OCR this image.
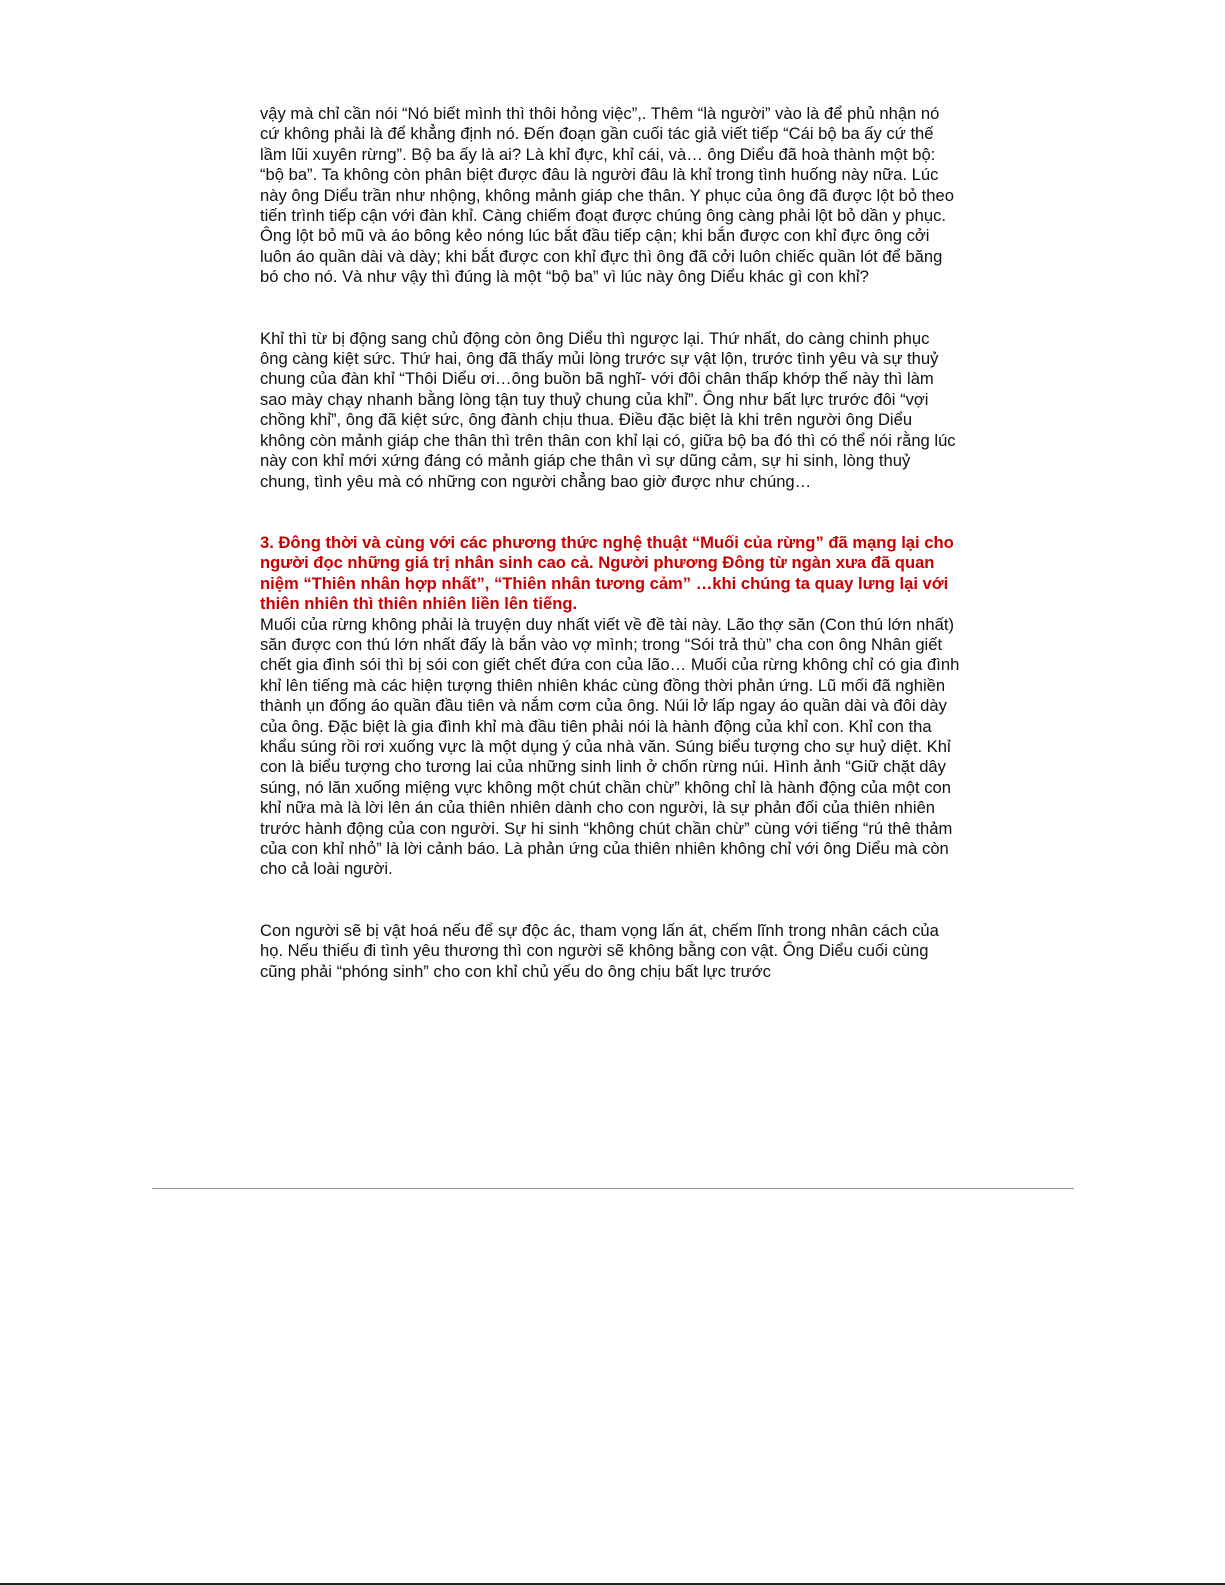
vậy mà chỉ cần nói “Nó biết mình thì thôi hỏng việc”,. Thêm “là người” vào là để phủ nhận nó cứ không phải là để khẳng định nó. Đến đoạn gần cuối tác giả viết tiếp “Cái bộ ba ấy cứ thế lầm lũi xuyên rừng”. Bộ ba ấy là ai? Là khỉ đực, khỉ cái, và… ông Diểu đã hoà thành một bộ: “bộ ba”. Ta không còn phân biệt được đâu là người đâu là khỉ trong tình huống này nữa. Lúc này ông Diểu trần như nhộng, không mảnh giáp che thân. Y phục của ông đã được lột bỏ theo tiến trình tiếp cận với đàn khỉ. Càng chiếm đoạt được chúng ông càng phải lột bỏ dần y phục. Ông lột bỏ mũ và áo bông kẻo nóng lúc bắt đầu tiếp cận; khi bắn được con khỉ đực ông cởi luôn áo quần dài và dày; khi bắt được con khỉ đực thì ông đã cởi luôn chiếc quần lót để băng bó cho nó. Và như vậy thì đúng là một “bộ ba” vì lúc này ông Diểu khác gì con khỉ?

Khỉ thì từ bị động sang chủ động còn ông Diểu thì ngược lại. Thứ nhất, do càng chinh phục ông càng kiệt sức. Thứ hai, ông đã thấy mủi lòng trước sự vật lộn, trước tình yêu và sự thuỷ chung của đàn khỉ “Thôi Diểu ơi…ông buồn bã nghĩ- với đôi chân thấp khớp thế này thì làm sao mày chạy nhanh bằng lòng tận tuy thuỷ chung của khỉ”. Ông như bất lực trước đôi “vợi chồng khỉ”, ông đã kiệt sức, ông đành chịu thua. Điều đặc biệt là khi trên người ông Diểu không còn mảnh giáp che thân thì trên thân con khỉ lại có, giữa bộ ba đó thì có thể nói rằng lúc này con khỉ mới xứng đáng có mảnh giáp che thân vì sự dũng cảm, sự hi sinh, lòng thuỷ chung, tình yêu mà có những con người chẳng bao giờ được như chúng…

3. Đông thời và cùng với các phương thức nghệ thuật “Muối của rừng” đã mạng lại cho người đọc những giá trị nhân sinh cao cả. Người phương Đông từ ngàn xưa đã quan niệm “Thiên nhân hợp nhất”, “Thiên nhân tương cảm” …khi chúng ta quay lưng lại với thiên nhiên thì thiên nhiên liền lên tiếng.

Muối của rừng không phải là truyện duy nhất viết về đề tài này. Lão thợ săn (Con thú lớn nhất) săn được con thú lớn nhất đấy là bắn vào vợ mình; trong “Sói trả thù” cha con ông Nhân giết chết gia đình sói thì bị sói con giết chết đứa con của lão… Muối của rừng không chỉ có gia đình khỉ lên tiếng mà các hiện tượng thiên nhiên khác cùng đồng thời phản ứng. Lũ mối đã nghiền thành ụn đống áo quần đầu tiên và nắm cơm của ông. Núi lở lấp ngay áo quần dài và đôi dày của ông. Đặc biệt là gia đình khỉ mà đầu tiên phải nói là hành động của khỉ con. Khỉ con tha khẩu súng rồi rơi xuống vực là một dụng ý của nhà văn. Súng biểu tượng cho sự huỷ diệt. Khỉ con là biểu tượng cho tương lai của những sinh linh ở chốn rừng núi. Hình ảnh “Giữ chặt dây súng, nó lăn xuống miệng vực không một chút chần chừ” không chỉ là hành động của một con khỉ nữa mà là lời lên án của thiên nhiên dành cho con người, là sự phản đối của thiên nhiên trước hành động của con người. Sự hi sinh “không chút chần chừ” cùng với tiếng “rú thê thảm của con khỉ nhỏ” là lời cảnh báo. Là phản ứng của thiên nhiên không chỉ với ông Diểu mà còn cho cả loài người.

Con người sẽ bị vật hoá nếu để sự độc ác, tham vọng lấn át, chếm lĩnh trong nhân cách của họ. Nếu thiếu đi tình yêu thương thì con người sẽ không bằng con vật. Ông Diểu cuối cùng cũng phải “phóng sinh” cho con khỉ chủ yếu do ông chịu bất lực trước
